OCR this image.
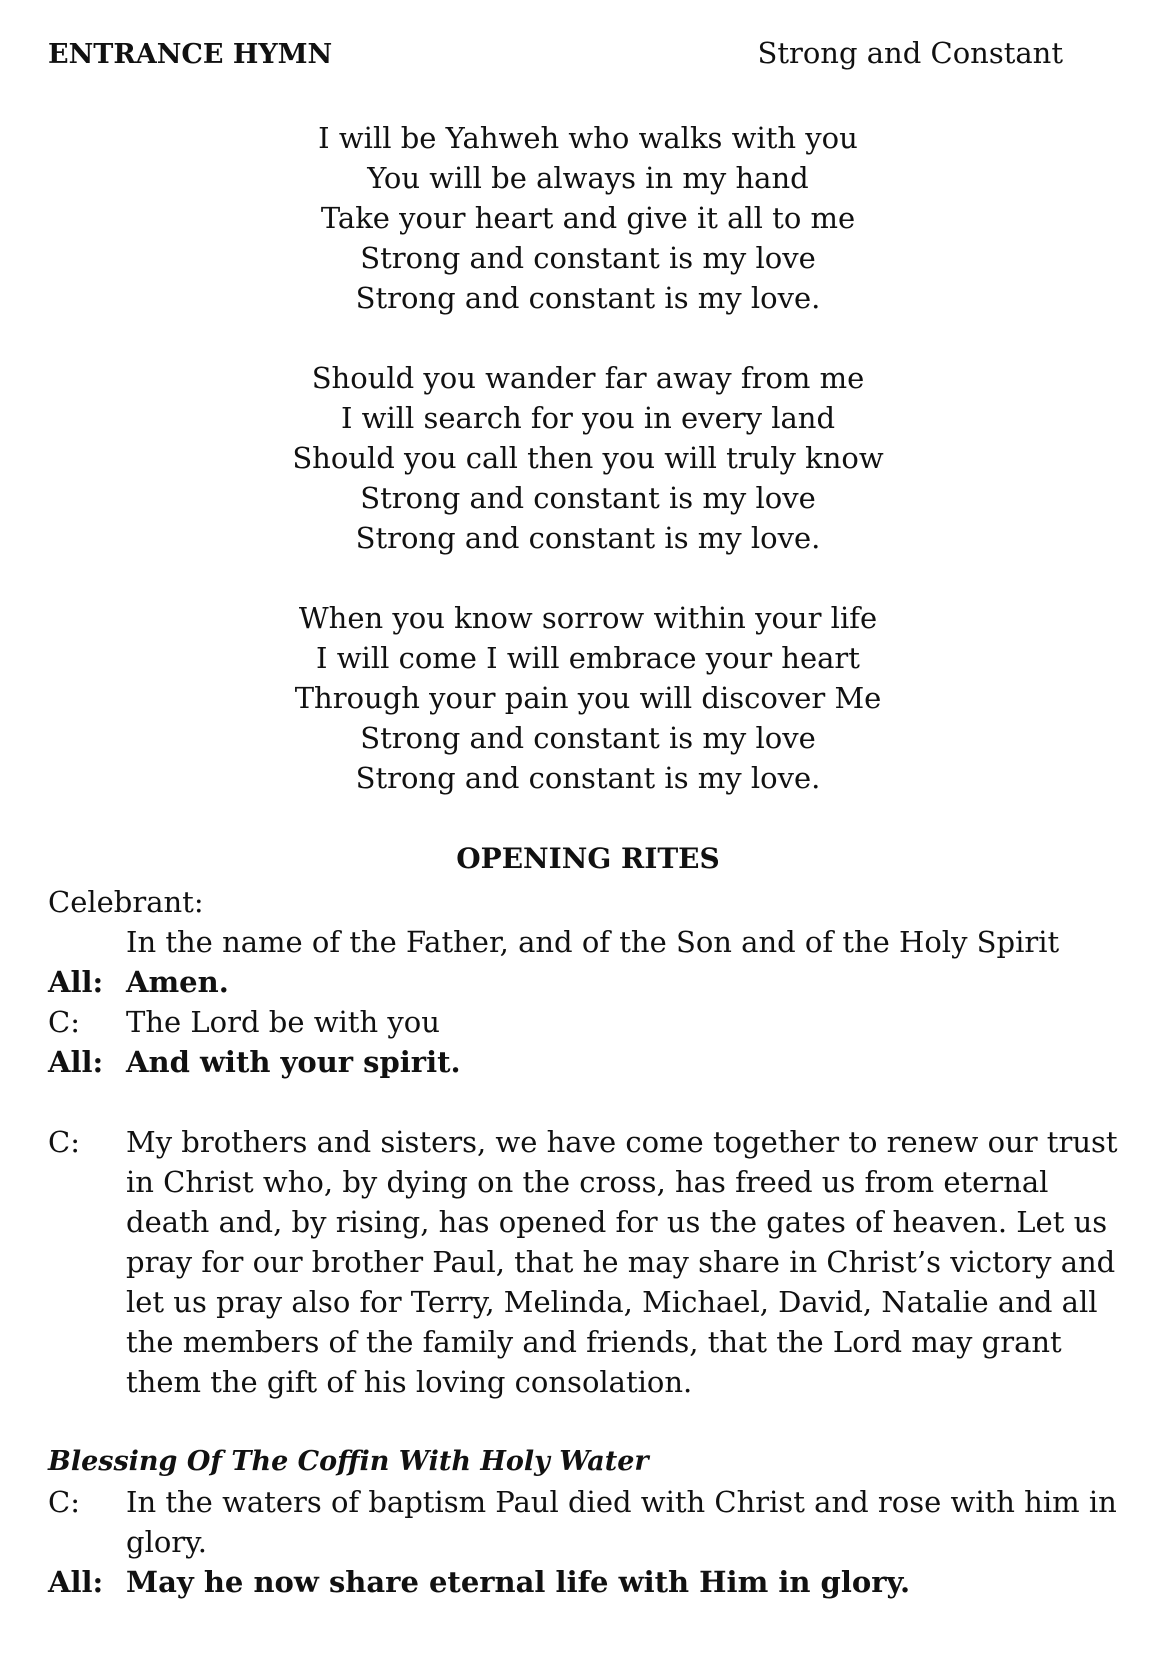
ENTRANCE HYMN	Strong and Constant
I will be Yahweh who walks with you
You will be always in my hand
Take your heart and give it all to me
Strong and constant is my love
Strong and constant is my love.
Should you wander far away from me
I will search for you in every land
Should you call then you will truly know
Strong and constant is my love
Strong and constant is my love.
When you know sorrow within your life
I will come I will embrace your heart
Through your pain you will discover Me
Strong and constant is my love
Strong and constant is my love.
OPENING RITES
Celebrant:
In the name of the Father, and of the Son and of the Holy Spirit
All: Amen.
C:	The Lord be with you
All: And with your spirit.
C:	My brothers and sisters, we have come together to renew our trust in Christ who, by dying on the cross, has freed us from eternal death and, by rising, has opened for us the gates of heaven. Let us pray for our brother Paul, that he may share in Christ’s victory and let us pray also for Terry, Melinda, Michael, David, Natalie and all the members of the family and friends, that the Lord may grant them the gift of his loving consolation.
Blessing Of The Coffin With Holy Water
C:	In the waters of baptism Paul died with Christ and rose with him in glory.
All: May he now share eternal life with Him in glory.
